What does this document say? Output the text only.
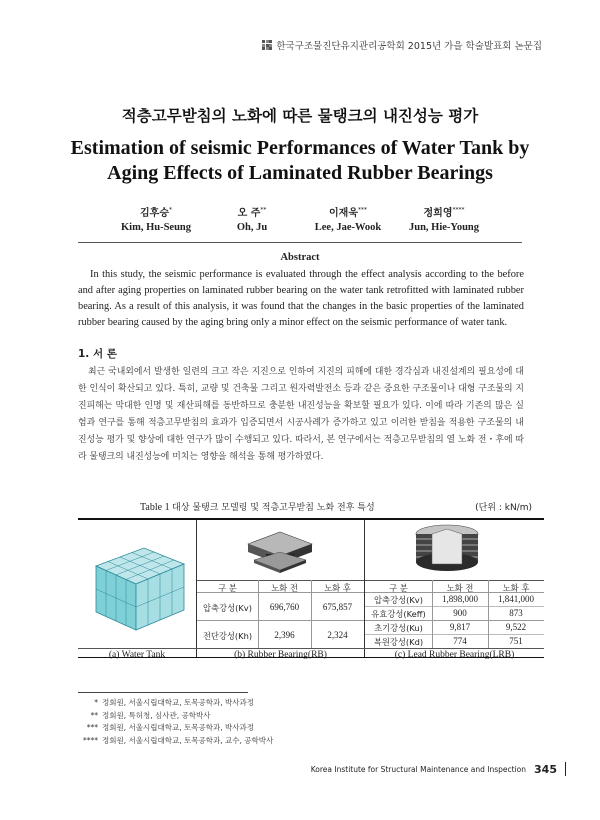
한국구조물진단유지관리공학회 2015년 가을 학술발표회 논문집
적층고무받침의 노화에 따른 물탱크의 내진성능 평가
Estimation of seismic Performances of Water Tank by
Aging Effects of Laminated Rubber Bearings
김후승*
Kim, Hu-Seung
오 주**
Oh, Ju
이재욱***
Lee, Jae-Wook
정희영****
Jun, Hie-Young
Abstract
In this study, the seismic performance is evaluated through the effect analysis according to the before and after aging properties on laminated rubber bearing on the water tank retrofitted with laminated rubber bearing. As a result of this analysis, it was found that the changes in the basic properties of the laminated rubber bearing caused by the aging bring only a minor effect on the seismic performance of water tank.
1. 서 론
최근 국내외에서 발생한 일련의 크고 작은 지진으로 인하여 지진의 피해에 대한 경각심과 내진설계의 필요성에 대한 인식이 확산되고 있다. 특히, 교량 및 건축물 그리고 원자력발전소 등과 같은 중요한 구조물이나 대형 구조물의 지진피해는 막대한 인명 및 재산피해를 동반하므로 충분한 내진성능을 확보할 필요가 있다. 이에 따라 기존의 많은 실험과 연구를 통해 적층고무받침의 효과가 입증되면서 시공사례가 증가하고 있고 이러한 받침을 적용한 구조물의 내진성능 평가 및 향상에 대한 연구가 많이 수행되고 있다. 따라서, 본 연구에서는 적층고무받침의 열 노화 전・후에 따라 물탱크의 내진성능에 미치는 영향을 해석을 통해 평가하였다.
Table 1 대상 물탱크 모델링 및 적층고무받침 노화 전후 특성	(단위 : kN/m)
구 분	노화 전	노화 후
압축강성(Kv)	696,760	675,857
전단강성(Kh)	2,396	2,324
구 분	노화 전	노화 후
압축강성(Kv)	1,898,000	1,841,000
유효강성(Keff)	900	873
초기강성(Ku)	9,817	9,522
복원강성(Kd)	774	751
(a) Water Tank	(b) Rubber Bearing(RB)	(c) Lead Rubber Bearing(LRB)
* 정회원, 서울시립대학교, 토목공학과, 박사과정
** 정회원, 특허청, 심사관, 공학박사
*** 정회원, 서울시립대학교, 토목공학과, 박사과정
**** 정회원, 서울시립대학교, 토목공학과, 교수, 공학박사
Korea Institute for Structural Maintenance and Inspection 345
